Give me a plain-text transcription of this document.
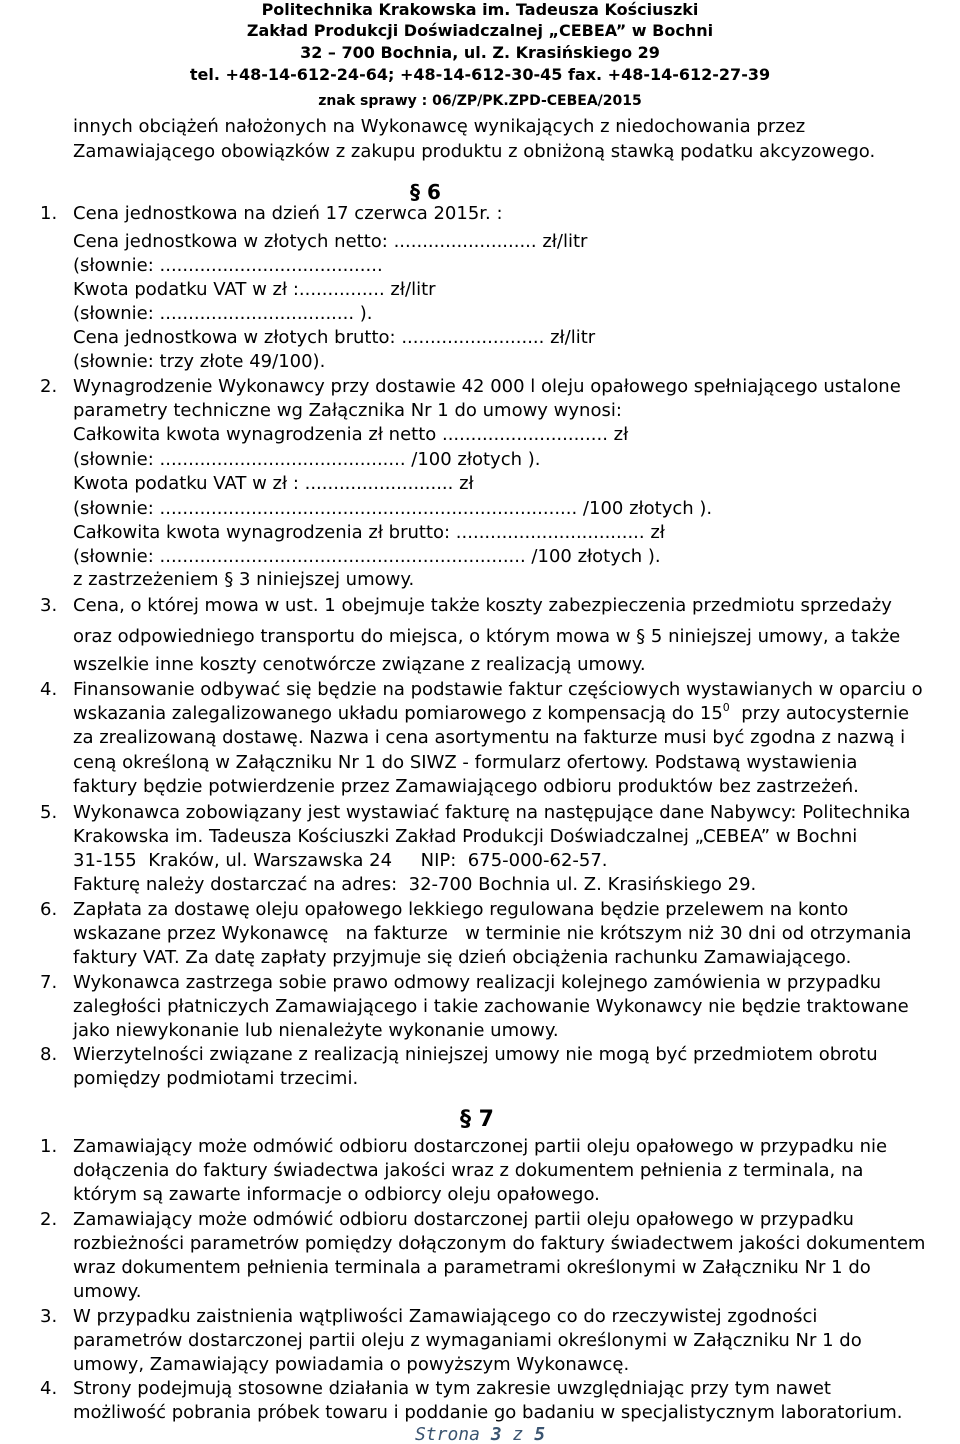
Politechnika Krakowska im. Tadeusza Kościuszki
Zakład Produkcji Doświadczalnej „CEBEA” w Bochni
32 – 700 Bochnia, ul. Z. Krasińskiego 29
tel. +48-14-612-24-64; +48-14-612-30-45 fax. +48-14-612-27-39
znak sprawy : 06/ZP/PK.ZPD-CEBEA/2015
§ 6
§ 7
Strona 3 z 5
innych obciążeń nałożonych na Wykonawcę wynikających z niedochowania przez
Zamawiającego obowiązków z zakupu produktu z obniżoną stawką podatku akcyzowego.
1. Cena jednostkowa na dzień 17 czerwca 2015r. :
Cena jednostkowa w złotych netto: ......................... zł/litr
(słownie: .......................................
Kwota podatku VAT w zł :............... zł/litr
(słownie: .................................. ).
Cena jednostkowa w złotych brutto: ......................... zł/litr
(słownie: trzy złote 49/100).
2. Wynagrodzenie Wykonawcy przy dostawie 42 000 l oleju opałowego spełniającego ustalone
parametry techniczne wg Załącznika Nr 1 do umowy wynosi:
Całkowita kwota wynagrodzenia zł netto ............................. zł
(słownie: ........................................... /100 złotych ).
Kwota podatku VAT w zł : .......................... zł
(słownie: ......................................................................... /100 złotych ).
Całkowita kwota wynagrodzenia zł brutto: ................................. zł
(słownie: ................................................................ /100 złotych ).
z zastrzeżeniem § 3 niniejszej umowy.
3. Cena, o której mowa w ust. 1 obejmuje także koszty zabezpieczenia przedmiotu sprzedaży
oraz odpowiedniego transportu do miejsca, o którym mowa w § 5 niniejszej umowy, a także
wszelkie inne koszty cenotwórcze związane z realizacją umowy.
4. Finansowanie odbywać się będzie na podstawie faktur częściowych wystawianych w oparciu o
wskazania zalegalizowanego układu pomiarowego z kompensacją do $15^0$  przy autocysternie
za zrealizowaną dostawę. Nazwa i cena asortymentu na fakturze musi być zgodna z nazwą i
ceną określoną w Załączniku Nr 1 do SIWZ - formularz ofertowy. Podstawą wystawienia
faktury będzie potwierdzenie przez Zamawiającego odbioru produktów bez zastrzeżeń.
5. Wykonawca zobowiązany jest wystawiać fakturę na następujące dane Nabywcy: Politechnika
Krakowska im. Tadeusza Kościuszki Zakład Produkcji Doświadczalnej „CEBEA” w Bochni
31-155  Kraków, ul. Warszawska 24     NIP:  675-000-62-57.
Fakturę należy dostarczać na adres:  32-700 Bochnia ul. Z. Krasińskiego 29.
6. Zapłata za dostawę oleju opałowego lekkiego regulowana będzie przelewem na konto
wskazane przez Wykonawcę   na fakturze   w terminie nie krótszym niż 30 dni od otrzymania
faktury VAT. Za datę zapłaty przyjmuje się dzień obciążenia rachunku Zamawiającego.
7. Wykonawca zastrzega sobie prawo odmowy realizacji kolejnego zamówienia w przypadku
zaległości płatniczych Zamawiającego i takie zachowanie Wykonawcy nie będzie traktowane
jako niewykonanie lub nienależyte wykonanie umowy.
8. Wierzytelności związane z realizacją niniejszej umowy nie mogą być przedmiotem obrotu
pomiędzy podmiotami trzecimi.
1. Zamawiający może odmówić odbioru dostarczonej partii oleju opałowego w przypadku nie
dołączenia do faktury świadectwa jakości wraz z dokumentem pełnienia z terminala, na
którym są zawarte informacje o odbiorcy oleju opałowego.
2. Zamawiający może odmówić odbioru dostarczonej partii oleju opałowego w przypadku
rozbieżności parametrów pomiędzy dołączonym do faktury świadectwem jakości dokumentem
wraz dokumentem pełnienia terminala a parametrami określonymi w Załączniku Nr 1 do
umowy.
3. W przypadku zaistnienia wątpliwości Zamawiającego co do rzeczywistej zgodności
parametrów dostarczonej partii oleju z wymaganiami określonymi w Załączniku Nr 1 do
umowy, Zamawiający powiadamia o powyższym Wykonawcę.
4. Strony podejmują stosowne działania w tym zakresie uwzględniając przy tym nawet
możliwość pobrania próbek towaru i poddanie go badaniu w specjalistycznym laboratorium.
